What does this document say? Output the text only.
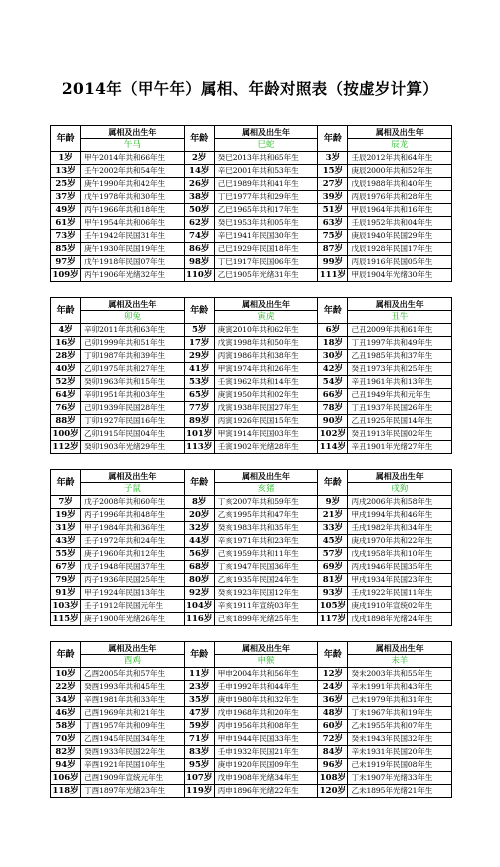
2014年（甲午年）属相、年龄对照表（按虚岁计算）
年龄	属相及出生年	年龄	属相及出生年	年龄	属相及出生年
	午马		巳蛇		辰龙
1岁	甲午2014年共和66年生	2岁	癸巳2013年共和65年生	3岁	壬辰2012年共和64年生
13岁	壬午2002年共和54年生	14岁	辛巳2001年共和53年生	15岁	庚辰2000年共和52年生
25岁	庚午1990年共和42年生	26岁	己巳1989年共和41年生	27岁	戊辰1988年共和40年生
37岁	戊午1978年共和30年生	38岁	丁巳1977年共和29年生	39岁	丙辰1976年共和28年生
49岁	丙午1966年共和18年生	50岁	乙巳1965年共和17年生	51岁	甲辰1964年共和16年生
61岁	甲午1954年共和06年生	62岁	癸巳1953年共和05年生	63岁	壬辰1952年共和04年生
73岁	壬午1942年民国31年生	74岁	辛巳1941年民国30年生	75岁	庚辰1940年民国29年生
85岁	庚午1930年民国19年生	86岁	己巳1929年民国18年生	87岁	戊辰1928年民国17年生
97岁	戊午1918年民国07年生	98岁	丁巳1917年民国06年生	99岁	丙辰1916年民国05年生
109岁	丙午1906年光绪32年生	110岁	乙巳1905年光绪31年生	111岁	甲辰1904年光绪30年生
年龄	属相及出生年	年龄	属相及出生年	年龄	属相及出生年
	卯兔		寅虎		丑牛
4岁	辛卯2011年共和63年生	5岁	庚寅2010年共和62年生	6岁	己丑2009年共和61年生
16岁	己卯1999年共和51年生	17岁	戊寅1998年共和50年生	18岁	丁丑1997年共和49年生
28岁	丁卯1987年共和39年生	29岁	丙寅1986年共和38年生	30岁	乙丑1985年共和37年生
40岁	乙卯1975年共和27年生	41岁	甲寅1974年共和26年生	42岁	癸丑1973年共和25年生
52岁	癸卯1963年共和15年生	53岁	壬寅1962年共和14年生	54岁	辛丑1961年共和13年生
64岁	辛卯1951年共和03年生	65岁	庚寅1950年共和02年生	66岁	己丑1949年共和元年生
76岁	己卯1939年民国28年生	77岁	戊寅1938年民国27年生	78岁	丁丑1937年民国26年生
88岁	丁卯1927年民国16年生	89岁	丙寅1926年民国15年生	90岁	乙丑1925年民国14年生
100岁	乙卯1915年民国04年生	101岁	甲寅1914年民国03年生	102岁	癸丑1913年民国02年生
112岁	癸卯1903年光绪29年生	113岁	壬寅1902年光绪28年生	114岁	辛丑1901年光绪27年生
年龄	属相及出生年	年龄	属相及出生年	年龄	属相及出生年
	子鼠		亥猪		戌狗
7岁	戊子2008年共和60年生	8岁	丁亥2007年共和59年生	9岁	丙戌2006年共和58年生
19岁	丙子1996年共和48年生	20岁	乙亥1995年共和47年生	21岁	甲戌1994年共和46年生
31岁	甲子1984年共和36年生	32岁	癸亥1983年共和35年生	33岁	壬戌1982年共和34年生
43岁	壬子1972年共和24年生	44岁	辛亥1971年共和23年生	45岁	庚戌1970年共和22年生
55岁	庚子1960年共和12年生	56岁	己亥1959年共和11年生	57岁	戊戌1958年共和10年生
67岁	戊子1948年民国37年生	68岁	丁亥1947年民国36年生	69岁	丙戌1946年民国35年生
79岁	丙子1936年民国25年生	80岁	乙亥1935年民国24年生	81岁	甲戌1934年民国23年生
91岁	甲子1924年民国13年生	92岁	癸亥1923年民国12年生	93岁	壬戌1922年民国11年生
103岁	壬子1912年民国元年生	104岁	辛亥1911年宣统03年生	105岁	庚戌1910年宣统02年生
115岁	庚子1900年光绪26年生	116岁	己亥1899年光绪25年生	117岁	戊戌1898年光绪24年生
年龄	属相及出生年	年龄	属相及出生年	年龄	属相及出生年
	酉鸡		申猴		未羊
10岁	乙酉2005年共和57年生	11岁	甲申2004年共和56年生	12岁	癸未2003年共和55年生
22岁	癸酉1993年共和45年生	23岁	壬申1992年共和44年生	24岁	辛未1991年共和43年生
34岁	辛酉1981年共和33年生	35岁	庚申1980年共和32年生	36岁	己未1979年共和31年生
46岁	己酉1969年共和21年生	47岁	戊申1968年共和20年生	48岁	丁未1967年共和19年生
58岁	丁酉1957年共和09年生	59岁	丙申1956年共和08年生	60岁	乙未1955年共和07年生
70岁	乙酉1945年民国34年生	71岁	甲申1944年民国33年生	72岁	癸未1943年民国32年生
82岁	癸酉1933年民国22年生	83岁	壬申1932年民国21年生	84岁	辛未1931年民国20年生
94岁	辛酉1921年民国10年生	95岁	庚申1920年民国09年生	96岁	己未1919年民国08年生
106岁	己酉1909年宣统元年生	107岁	戊申1908年光绪34年生	108岁	丁未1907年光绪33年生
118岁	丁酉1897年光绪23年生	119岁	丙申1896年光绪22年生	120岁	乙未1895年光绪21年生
